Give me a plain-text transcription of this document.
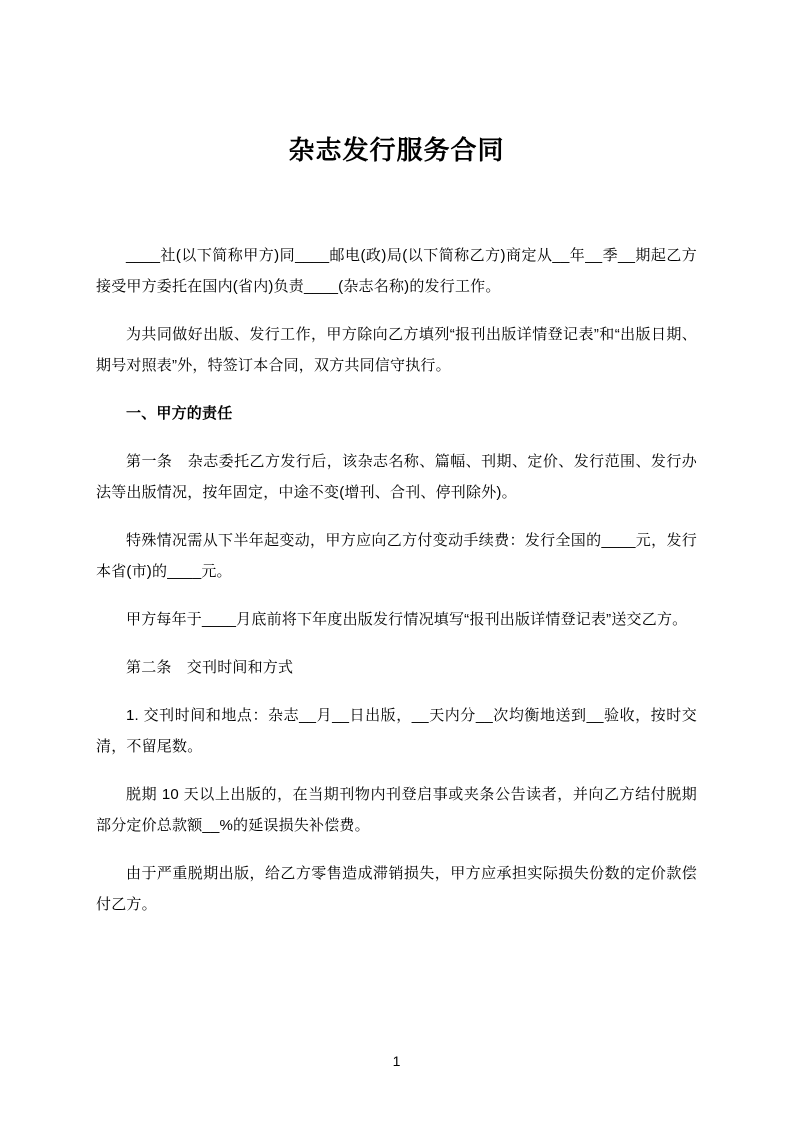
杂志发行服务合同

____社(以下简称甲方)同____邮电(政)局(以下简称乙方)商定从__年__季__期起乙方接受甲方委托在国内(省内)负责____(杂志名称)的发行工作。

为共同做好出版、发行工作，甲方除向乙方填列“报刊出版详情登记表”和“出版日期、期号对照表”外，特签订本合同，双方共同信守执行。

一、甲方的责任

第一条　杂志委托乙方发行后，该杂志名称、篇幅、刊期、定价、发行范围、发行办法等出版情况，按年固定，中途不变(增刊、合刊、停刊除外)。

特殊情况需从下半年起变动，甲方应向乙方付变动手续费：发行全国的____元，发行本省(市)的____元。

甲方每年于____月底前将下年度出版发行情况填写“报刊出版详情登记表”送交乙方。

第二条　交刊时间和方式

1. 交刊时间和地点：杂志__月__日出版，__天内分__次均衡地送到__验收，按时交清，不留尾数。

脱期 10 天以上出版的，在当期刊物内刊登启事或夹条公告读者，并向乙方结付脱期部分定价总款额__%的延误损失补偿费。

由于严重脱期出版，给乙方零售造成滞销损失，甲方应承担实际损失份数的定价款偿付乙方。

1
